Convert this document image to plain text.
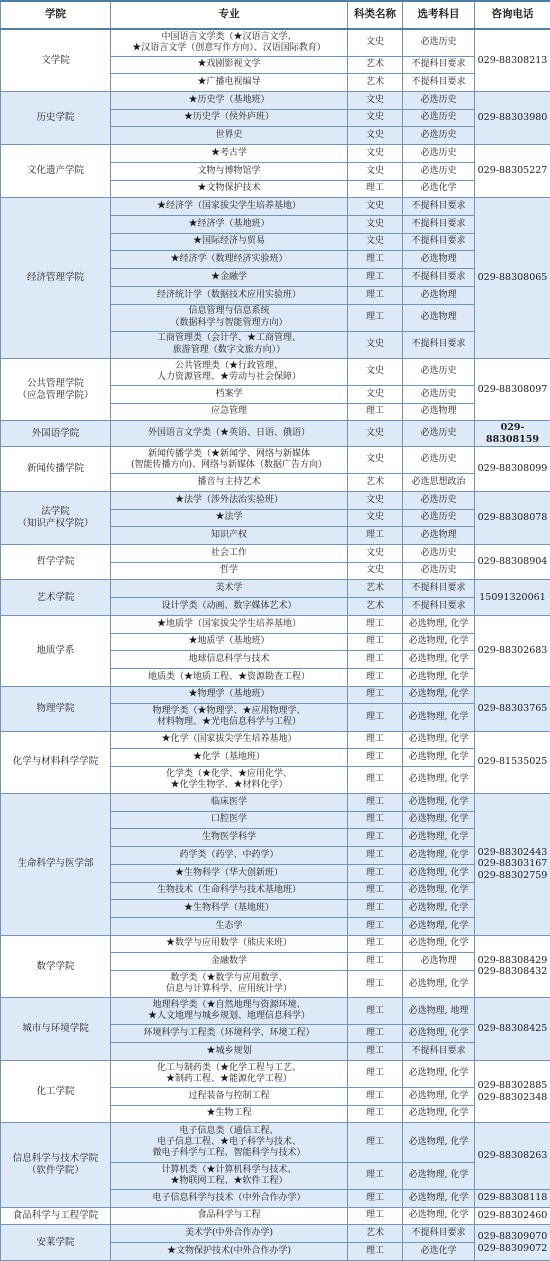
学院	专业	科类名称	选考科目	咨询电话
文学院	中国语言文学类（★汉语言文学、
★汉语言文学（创意写作方向）、汉语国际教育）	文史	必选历史	029-88308213
	★戏剧影视文学	艺术	不提科目要求	
	★广播电视编导	艺术	不提科目要求	
历史学院	★历史学（基地班）	文史	必选历史	029-88303980
	★历史学（侯外庐班）	文史	必选历史	
	世界史	文史	必选历史	
文化遗产学院	★考古学	文史	必选历史	029-88305227
	文物与博物馆学	文史	必选历史	
	★文物保护技术	理工	必选化学	
经济管理学院	★经济学（国家拔尖学生培养基地）	文史	不提科目要求	029-88308065
	★经济学（基地班）	文史	不提科目要求	
	★国际经济与贸易	文史	不提科目要求	
	★经济学（数理经济实验班）	理工	必选物理	
	★金融学	理工	不提科目要求	
	经济统计学（数据技术应用实验班）	理工	必选物理	
	信息管理与信息系统
（数据科学与智能管理方向）	理工	必选物理	
	工商管理类（会计学、★工商管理、
旅游管理（数字文旅方向））	文史	不提科目要求	
公共管理学院
（应急管理学院）	公共管理类（★行政管理、
人力资源管理、★劳动与社会保障）	文史	必选历史	029-88308097
	档案学	文史	必选历史	
	应急管理	理工	必选物理	
外国语学院	外国语言文学类（★英语、日语、俄语）	文史	必选历史	029-88308159
新闻传播学院	新闻传播学类（★新闻学、网络与新媒体
(智能传播方向)、网络与新媒体（数据广告方向）	文史	必选历史	029-88308099
	播音与主持艺术	艺术	必选思想政治	
法学院
（知识产权学院）	★法学（涉外法治实验班）	文史	必选历史	029-88308078
	★法学	文史	必选历史	
	知识产权	理工	必选物理	
哲学学院	社会工作	文史	必选历史	029-88308904
	哲学	文史	必选历史	
艺术学院	美术学	艺术	不提科目要求	15091320061
	设计学类（动画、数字媒体艺术）	艺术	不提科目要求	
地质学系	★地质学（国家拔尖学生培养基地）	理工	必选物理, 化学	029-88302683
	★地质学（基地班）	理工	必选物理, 化学	
	地球信息科学与技术	理工	必选物理, 化学	
	地质类（★地质工程、★资源勘查工程）	理工	必选物理, 化学	
物理学院	★物理学（基地班）	理工	必选物理, 化学	029-88303765
	物理学类（★物理学、★应用物理学、
材料物理、★光电信息科学与工程）	理工	必选物理, 化学	
化学与材料科学学院	★化学（国家拔尖学生培养基地）	理工	必选物理, 化学	029-81535025
	★化学（基地班）	理工	必选物理, 化学	
	化学类（★化学、★应用化学、
★化学生物学、★材料化学）	理工	必选物理, 化学	
生命科学与医学部	临床医学	理工	必选物理, 化学	029-88302443
029-88303167
029-88302759
	口腔医学	理工	必选物理, 化学	
	生物医学科学	理工	必选物理, 化学	
	药学类（药学、中药学）	理工	必选物理, 化学	
	★生物科学（华大创新班）	理工	必选物理, 化学	
	生物技术（生命科学与技术基地班）	理工	必选物理, 化学	
	★生物科学（基地班）	理工	必选物理, 化学	
	生态学	理工	必选物理, 化学	
数学学院	★数学与应用数学（熊庆来班）	理工	必选物理, 化学	029-88308429
029-88308432
	金融数学	理工	必选物理	
	数学类（★数学与应用数学、
信息与计算科学、应用统计学）	理工	必选物理, 化学	
城市与环境学院	地理科学类（★自然地理与资源环境、
★人文地理与城乡规划、地理信息科学）	理工	必选物理, 地理	029-88308425
	环境科学与工程类（环境科学、环境工程）	理工	必选物理, 化学	
	★城乡规划	理工	不提科目要求	
化工学院	化工与制药类（★化学工程与工艺、
★制药工程、★能源化学工程）	理工	必选物理, 化学	029-88302885
029-88302348
	过程装备与控制工程	理工	必选物理, 化学	
	★生物工程	理工	必选物理, 化学	
信息科学与技术学院
（软件学院）	电子信息类（通信工程、
电子信息工程、★电子科学与技术、
微电子科学与工程、智能科学与技术）	理工	必选物理, 化学	029-88308263
	计算机类（★计算机科学与技术、
★物联网工程、★软件工程）	理工	必选物理, 化学	
	电子信息科学与技术（中外合作办学）	理工	必选物理, 化学	029-88308118
食品科学与工程学院	食品科学与工程	理工	必选物理, 化学	029-88302460
安莱学院	美术学(中外合作办学)	艺术	不提科目要求	029-88309070
029-88309072
	★文物保护技术(中外合作办学)	理工	必选化学	
